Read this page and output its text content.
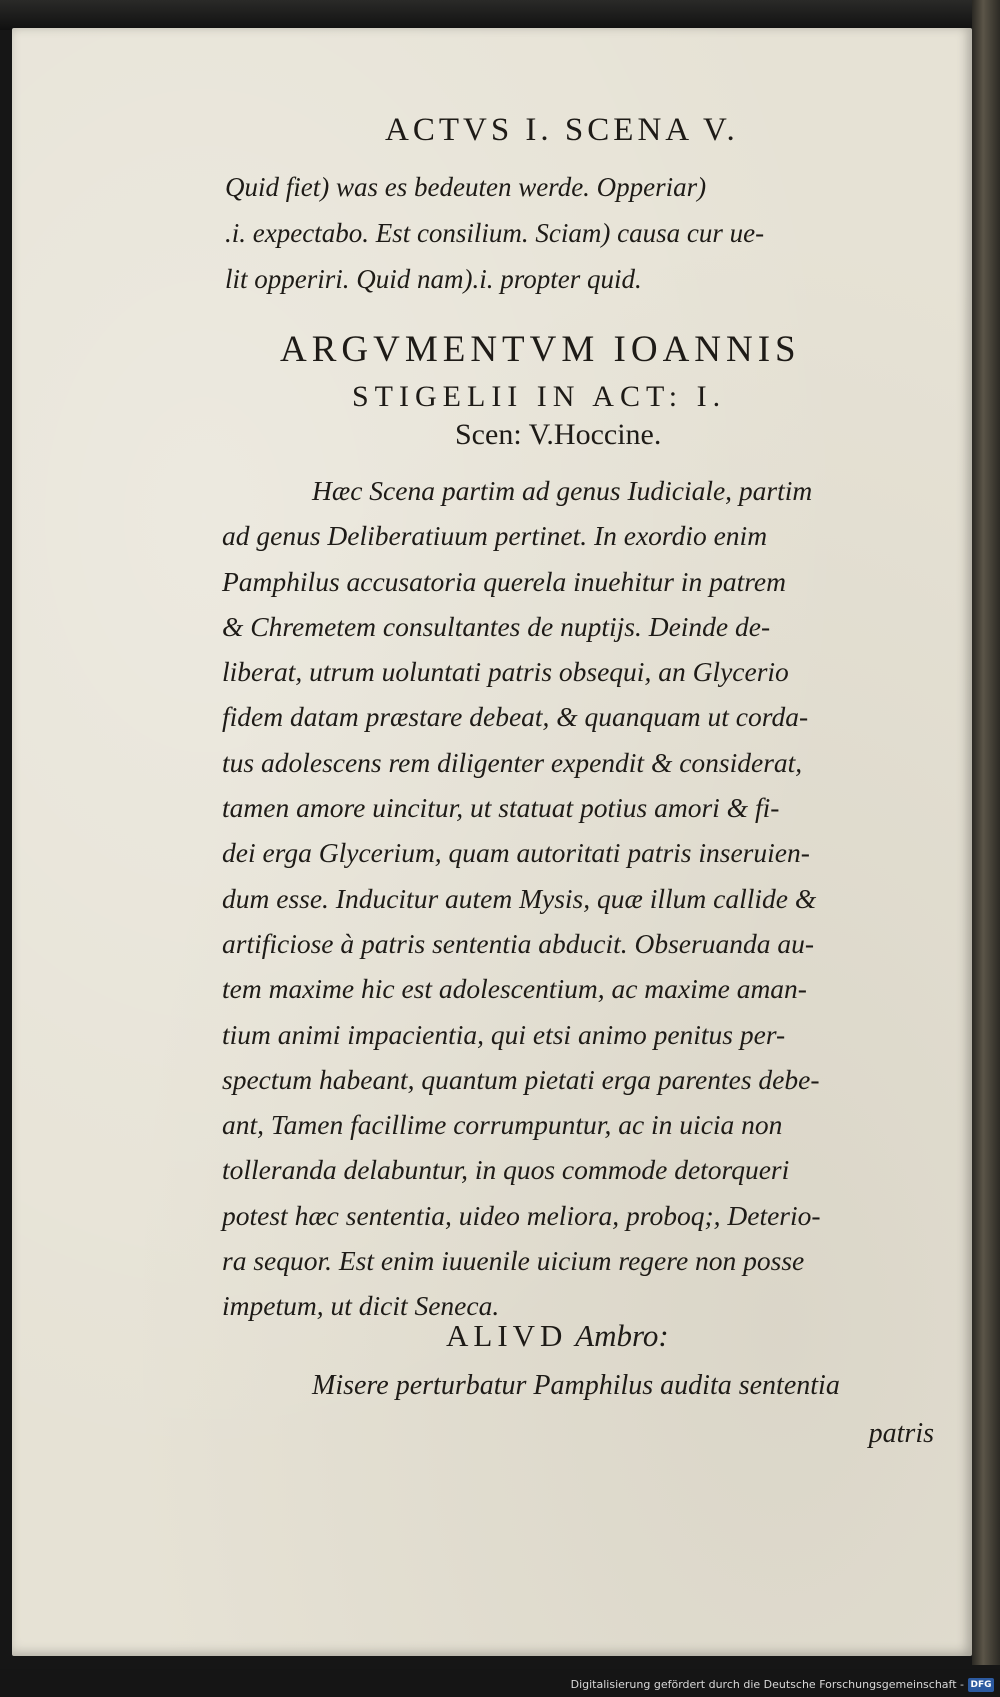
ACTVS I. SCENA V.
Quid fiet) was es bedeuten werde. Opperiar)
.i. expectabo. Est consilium. Sciam) causa cur ue-
lit opperiri. Quid nam).i. propter quid.
ARGVMENTVM IOANNIS
STIGELII IN ACT: I.
Scen: V.Hoccine.
Hæc Scena partim ad genus Iudiciale, partim
ad genus Deliberatiuum pertinet. In exordio enim
Pamphilus accusatoria querela inuehitur in patrem
& Chremetem consultantes de nuptijs. Deinde de-
liberat, utrum uoluntati patris obsequi, an Glycerio
fidem datam præstare debeat, & quanquam ut corda-
tus adolescens rem diligenter expendit & considerat,
tamen amore uincitur, ut statuat potius amori & fi-
dei erga Glycerium, quam autoritati patris inseruien-
dum esse. Inducitur autem Mysis, quæ illum callide &
artificiose à patris sententia abducit. Obseruanda au-
tem maxime hic est adolescentium, ac maxime aman-
tium animi impacientia, qui etsi animo penitus per-
spectum habeant, quantum pietati erga parentes debe-
ant, Tamen facillime corrumpuntur, ac in uicia non
tolleranda delabuntur, in quos commode detorqueri
potest hæc sententia, uideo meliora, proboq;, Deterio-
ra sequor. Est enim iuuenile uicium regere non posse
impetum, ut dicit Seneca.
ALIVD Ambro:
Misere perturbatur Pamphilus audita sententia
patris
Digitalisierung gefördert durch die Deutsche Forschungsgemeinschaft - DFG
